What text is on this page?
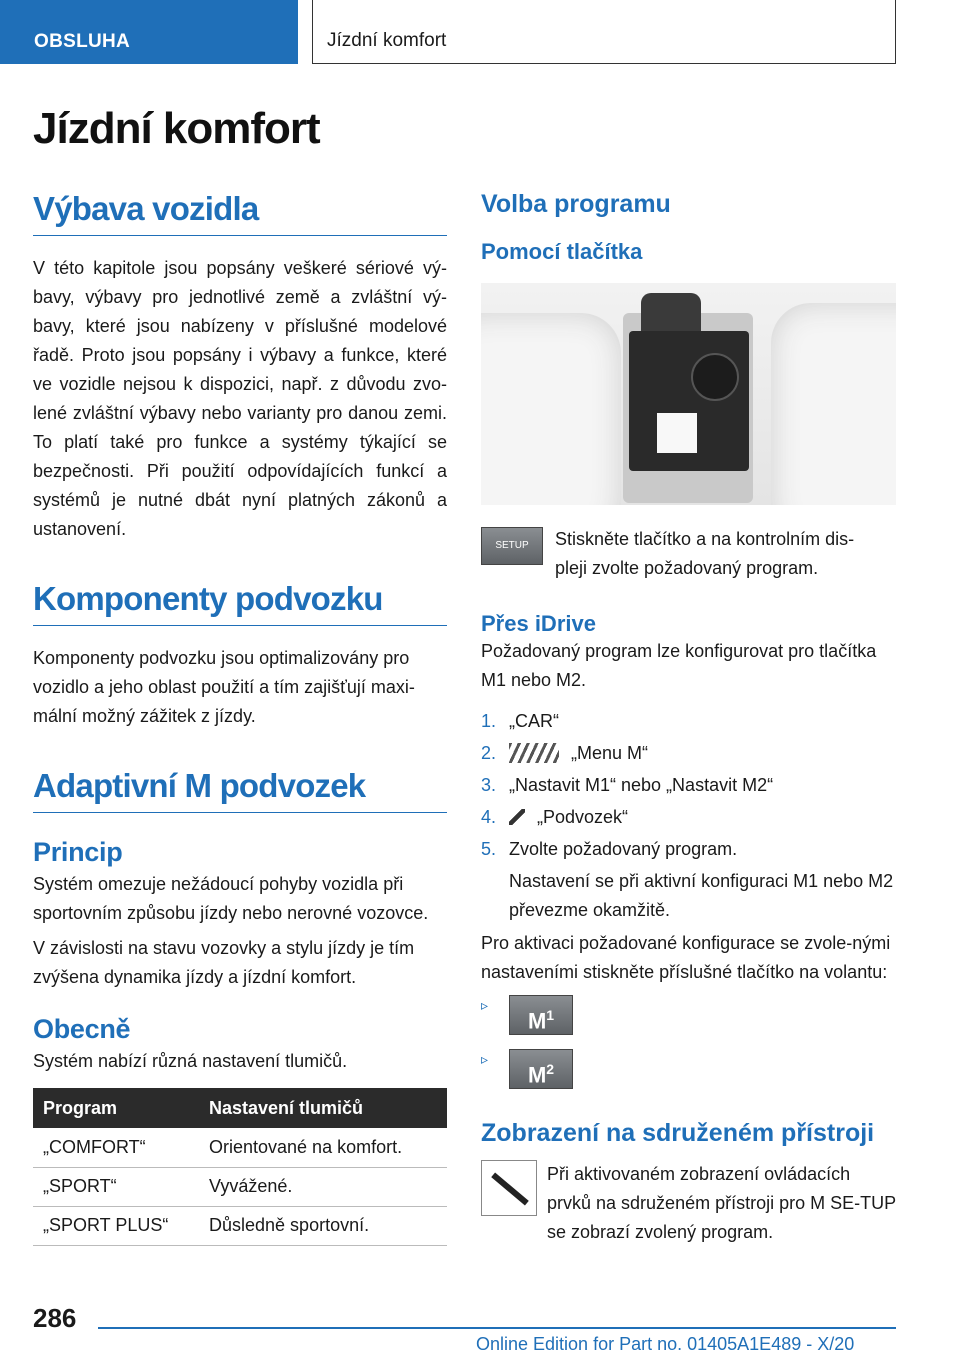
OBSLUHA	Jízdní komfort
Jízdní komfort
Výbava vozidla

V této kapitole jsou popsány veškeré sériové vý-bavy, výbavy pro jednotlivé země a zvláštní vý-bavy, které jsou nabízeny v příslušné modelové řadě. Proto jsou popsány i výbavy a funkce, které ve vozidle nejsou k dispozici, např. z důvodu zvo-lené zvláštní výbavy nebo varianty pro danou zemi. To platí také pro funkce a systémy týkající se bezpečnosti. Při použití odpovídajících funkcí a systémů je nutné dbát nyní platných zákonů a ustanovení.

Komponenty podvozku

Komponenty podvozku jsou optimalizovány pro vozidlo a jeho oblast použití a tím zajišťují maxi-mální možný zážitek z jízdy.

Adaptivní M podvozek
Princip

Systém omezuje nežádoucí pohyby vozidla při sportovním způsobu jízdy nebo nerovné vozovce.

V závislosti na stavu vozovky a stylu jízdy je tím zvýšena dynamika jízdy a jízdní komfort.

Obecně

Systém nabízí různá nastavení tlumičů.

Program	Nastavení tlumičů
„COMFORT“	Orientované na komfort.
„SPORT“	Vyvážené.
„SPORT PLUS“	Důsledně sportovní.
Volba programu
Pomocí tlačítka
SETUP	Stiskněte tlačítko a na kontrolním dis-pleji zvolte požadovaný program.

Přes iDrive

Požadovaný program lze konfigurovat pro tlačítka M1 nebo M2.

1. „CAR“
2.	„Menu M“
3. „Nastavit M1“ nebo „Nastavit M2“
4.	„Podvozek“
5. Zvolte požadovaný program.

Nastavení se při aktivní konfiguraci M1 nebo M2 převezme okamžitě.

Pro aktivaci požadované konfigurace se zvole-nými nastaveními stiskněte příslušné tlačítko na volantu:

▹
$M^1$
▹
$M^2$
Zobrazení na sdruženém přístroji

Při aktivovaném zobrazení ovládacích prvků na sdruženém přístroji pro M SE-TUP se zobrazí zvolený program.

286
Online Edition for Part no. 01405A1E489 - X/20
